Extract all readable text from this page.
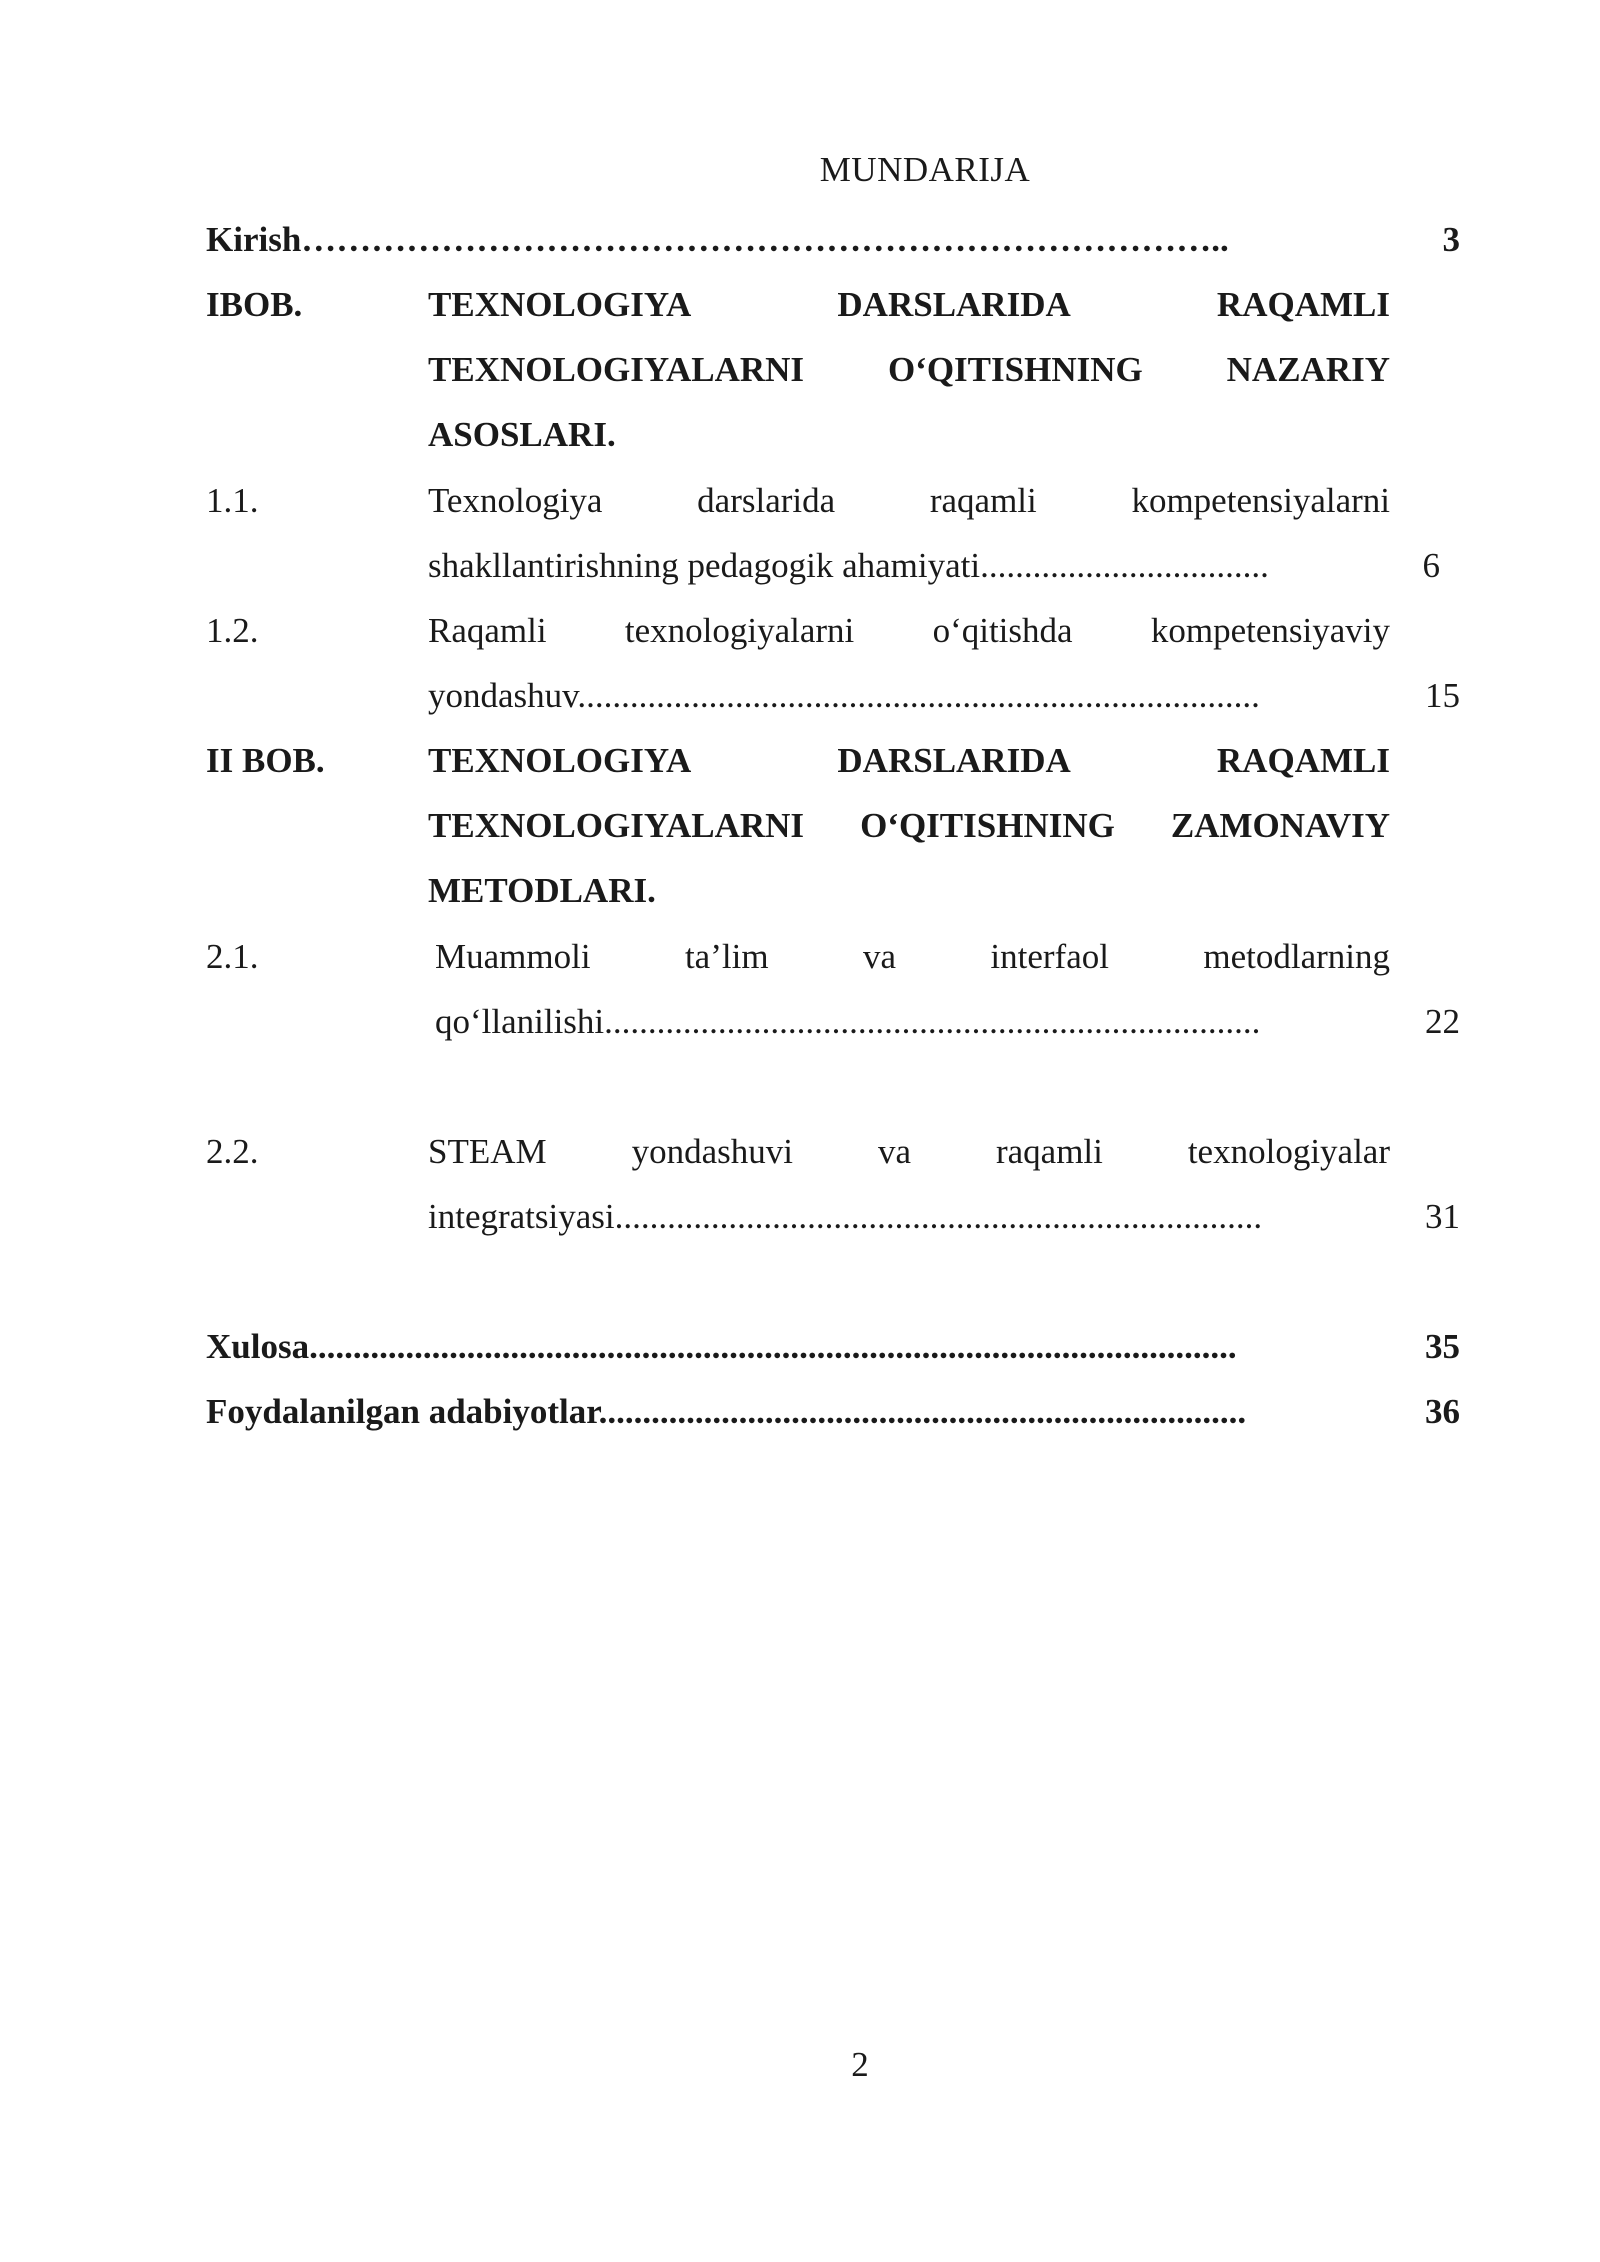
MUNDARIJA
Kirish……………………………………………………………………..	3
IBOB.	TEXNOLOGIYA DARSLARIDA RAQAMLI TEXNOLOGIYALARNI O‘QITISHNING NAZARIY ASOSLARI.
1.1.	Texnologiya darslarida raqamli kompetensiyalarni
shakllantirishning pedagogik ahamiyati.................................	6
1.2.	Raqamli texnologiyalarni o‘qitishda kompetensiyaviy
yondashuv..............................................................................	15
II BOB.	TEXNOLOGIYA DARSLARIDA RAQAMLI TEXNOLOGIYALARNI O‘QITISHNING ZAMONAVIY METODLARI.
2.1.	Muammoli ta’lim va interfaol metodlarning
qo‘llanilishi...........................................................................	22
2.2.	STEAM yondashuvi va raqamli texnologiyalar
integratsiyasi..........................................................................	31
Xulosa..........................................................................................................	35
Foydalanilgan adabiyotlar..........................................................................	36
2
